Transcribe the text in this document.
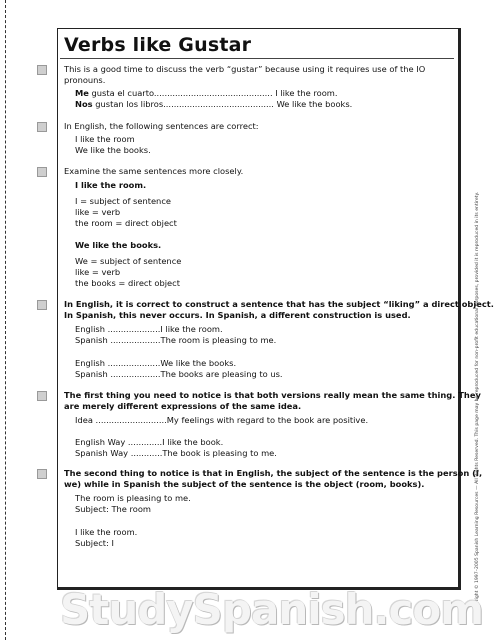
Verbs like Gustar
This is a good time to discuss the verb “gustar” because using it requires use of the IO
pronouns.
Me gusta el cuarto............................................. I like the room.
Nos gustan los libros.......................................... We like the books.
In English, the following sentences are correct:
I like the room
We like the books.
Examine the same sentences more closely.
I like the room.
I = subject of sentence
like = verb
the room = direct object
We like the books.
We = subject of sentence
like = verb
the books = direct object
In English, it is correct to construct a sentence that has the subject “liking” a direct object.
In Spanish, this never occurs. In Spanish, a different construction is used.
English ....................I like the room.
Spanish ...................The room is pleasing to me.
English ....................We like the books.
Spanish ...................The books are pleasing to us.
The first thing you need to notice is that both versions really mean the same thing. They
are merely different expressions of the same idea.
Idea ...........................My feelings with regard to the book are positive.
English Way .............I like the book.
Spanish Way ............The book is pleasing to me.
The second thing to notice is that in English, the subject of the sentence is the person (I,
we) while in Spanish the subject of the sentence is the object (room, books).
The room is pleasing to me.
Subject: The room
I like the room.
Subject: I	Copyright © 1997–2005 Spanish Learning Resources — All Rights Reserved. This page may be reproduced for non-profit educational purposes, provided it is reproduced in its entirety.
StudySpanish.com
